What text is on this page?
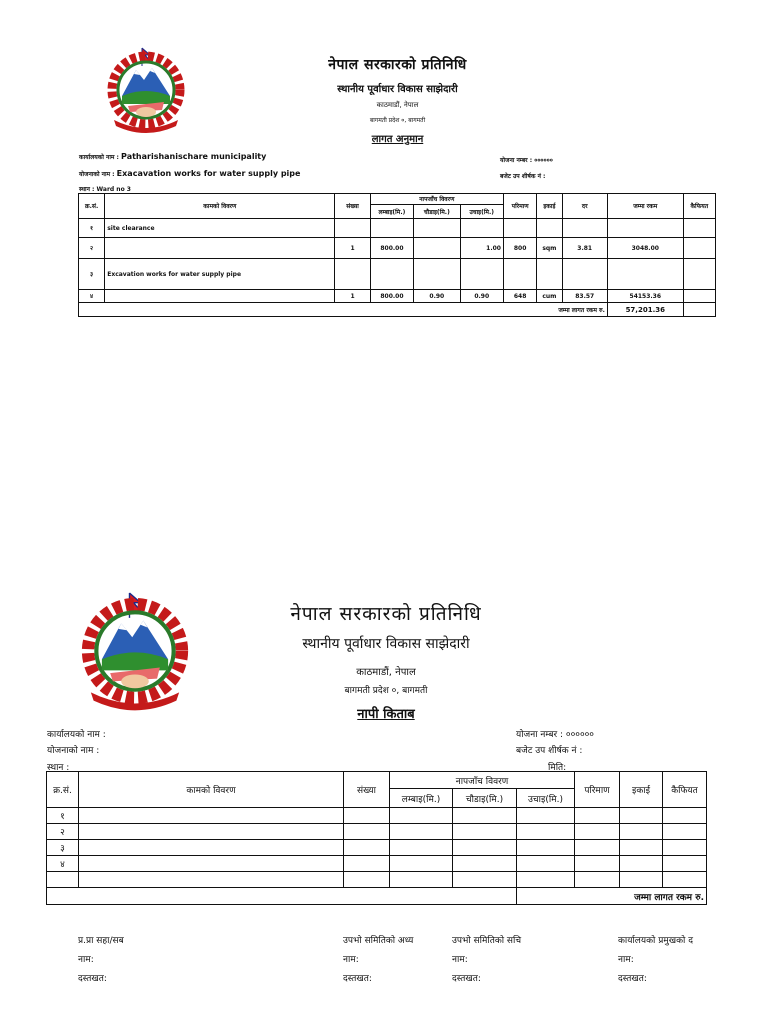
नेपाल सरकारको प्रतिनिधि
स्थानीय पूर्वाधार विकास साझेदारी
काठमाडौं, नेपाल
बागमती प्रदेश ०, बागमती
लागत अनुमान
कार्यालयको नाम : Patharishanischare municipality
योजनाको नाम : Exacavation works for water supply pipe
स्थान : Ward no 3
योजना नम्बर : ००००००
बजेट उप शीर्षक नं :
क्र.सं.	कामको विवरण	संख्या	नापजाँच विवरण			परिमाण	इकाई	दर	जम्मा रकम	कैफियत
			लम्बाइ(मि.)	चौडाइ(मि.)	उचाइ(मि.)					
१	site clearance									
२		1	800.00		1.00	800	sqm	3.81	3048.00	
३	Excavation works for water supply pipe									
४		1	800.00	0.90	0.90	648	cum	83.57	54153.36	
जम्मा लागत रकम रु.									57,201.36	
नेपाल सरकारको प्रतिनिधि
स्थानीय पूर्वाधार विकास साझेदारी
काठमाडौं, नेपाल
बागमती प्रदेश ०, बागमती
नापी किताब
कार्यालयको नाम :
योजनाको नाम :
स्थान :
योजना नम्बर : ००००००
बजेट उप शीर्षक नं :
मिति:
क्र.सं.	कामको विवरण	संख्या	नापजाँच विवरण			परिमाण	इकाई	कैफियत
			लम्बाइ(मि.)	चौडाइ(मि.)	उचाइ(मि.)			
१								
२								
३								
४								

					जम्मा लागत रकम रु.			
प्र.प्रा सहा/सब
नाम:
दस्तखत:
उपभो समितिको अध्य
नाम:
दस्तखत:
उपभो समितिको सचि
नाम:
दस्तखत:
कार्यालयको प्रमुखको द
नाम:
दस्तखत:
